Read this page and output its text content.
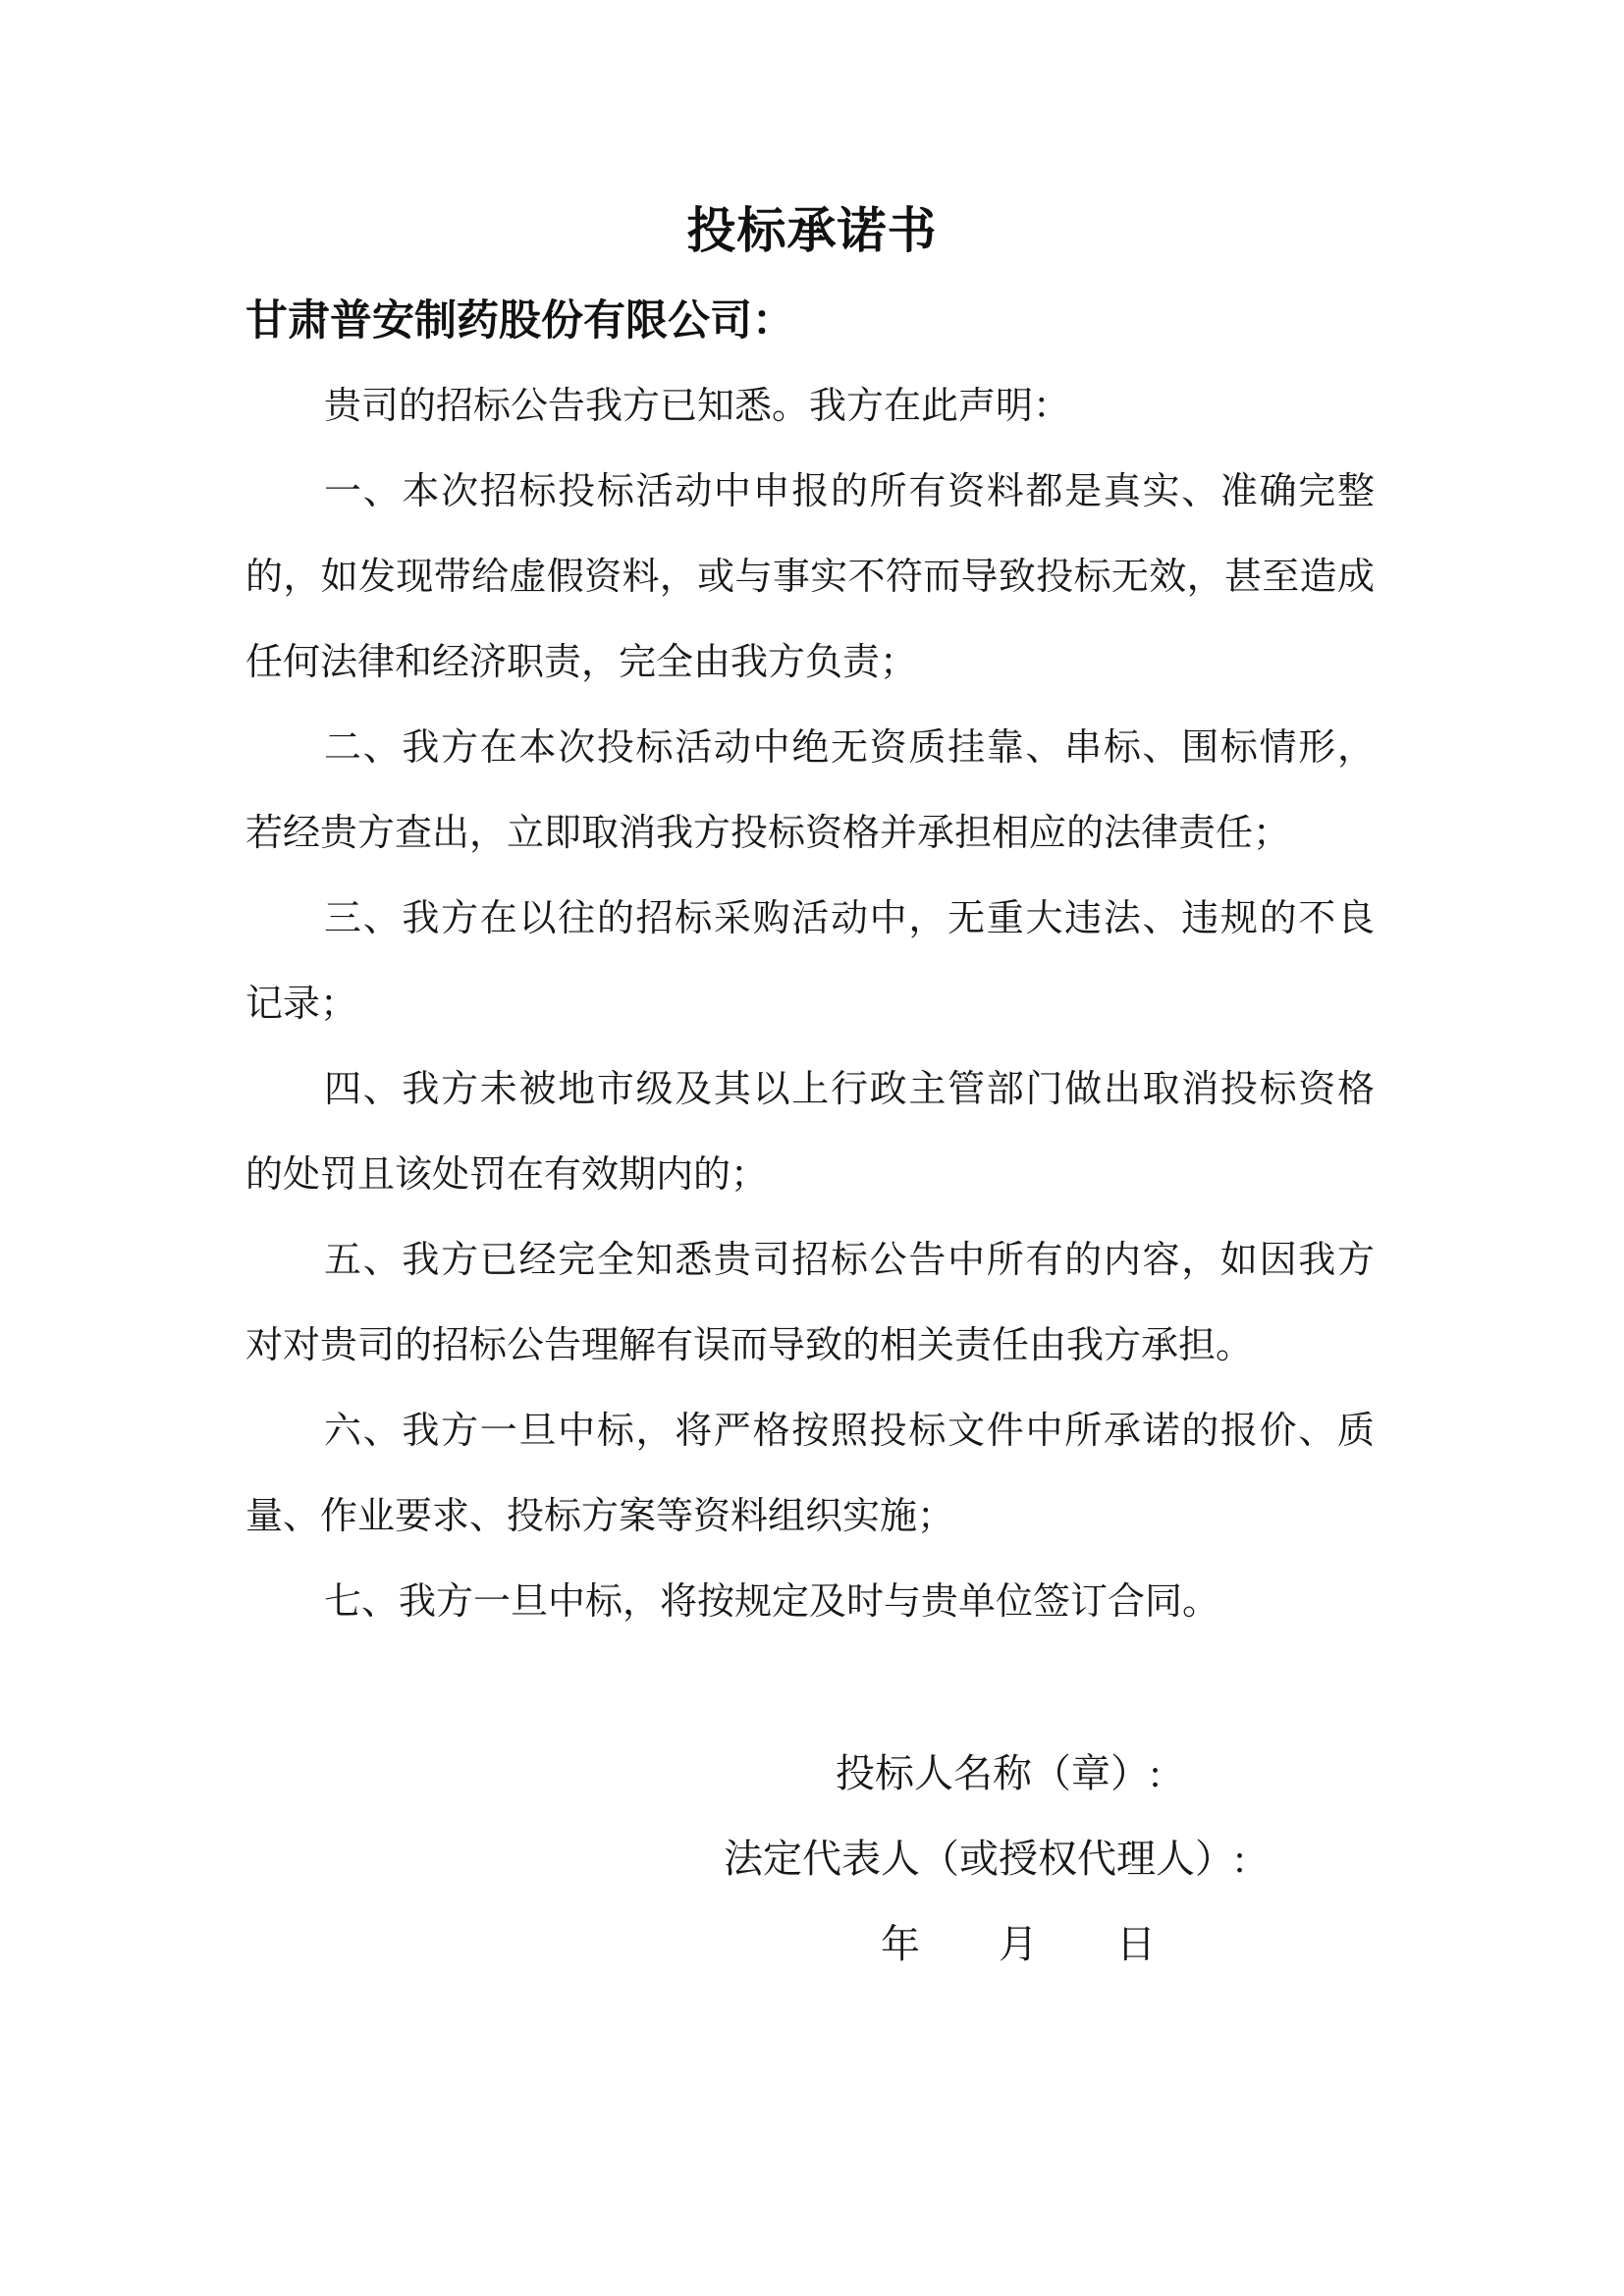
投标承诺书
甘肃普安制药股份有限公司：
贵司的招标公告我方已知悉。我方在此声明：
一、本次招标投标活动中申报的所有资料都是真实、准确完整
的，如发现带给虚假资料，或与事实不符而导致投标无效，甚至造成
任何法律和经济职责，完全由我方负责；
二、我方在本次投标活动中绝无资质挂靠、串标、围标情形，
若经贵方查出，立即取消我方投标资格并承担相应的法律责任；
三、我方在以往的招标采购活动中，无重大违法、违规的不良
记录；
四、我方未被地市级及其以上行政主管部门做出取消投标资格
的处罚且该处罚在有效期内的；
五、我方已经完全知悉贵司招标公告中所有的内容，如因我方
对对贵司的招标公告理解有误而导致的相关责任由我方承担。
六、我方一旦中标，将严格按照投标文件中所承诺的报价、质
量、作业要求、投标方案等资料组织实施；
七、我方一旦中标，将按规定及时与贵单位签订合同。
投标人名称（章）:
法定代表人（或授权代理人）:
年　　月　　日
